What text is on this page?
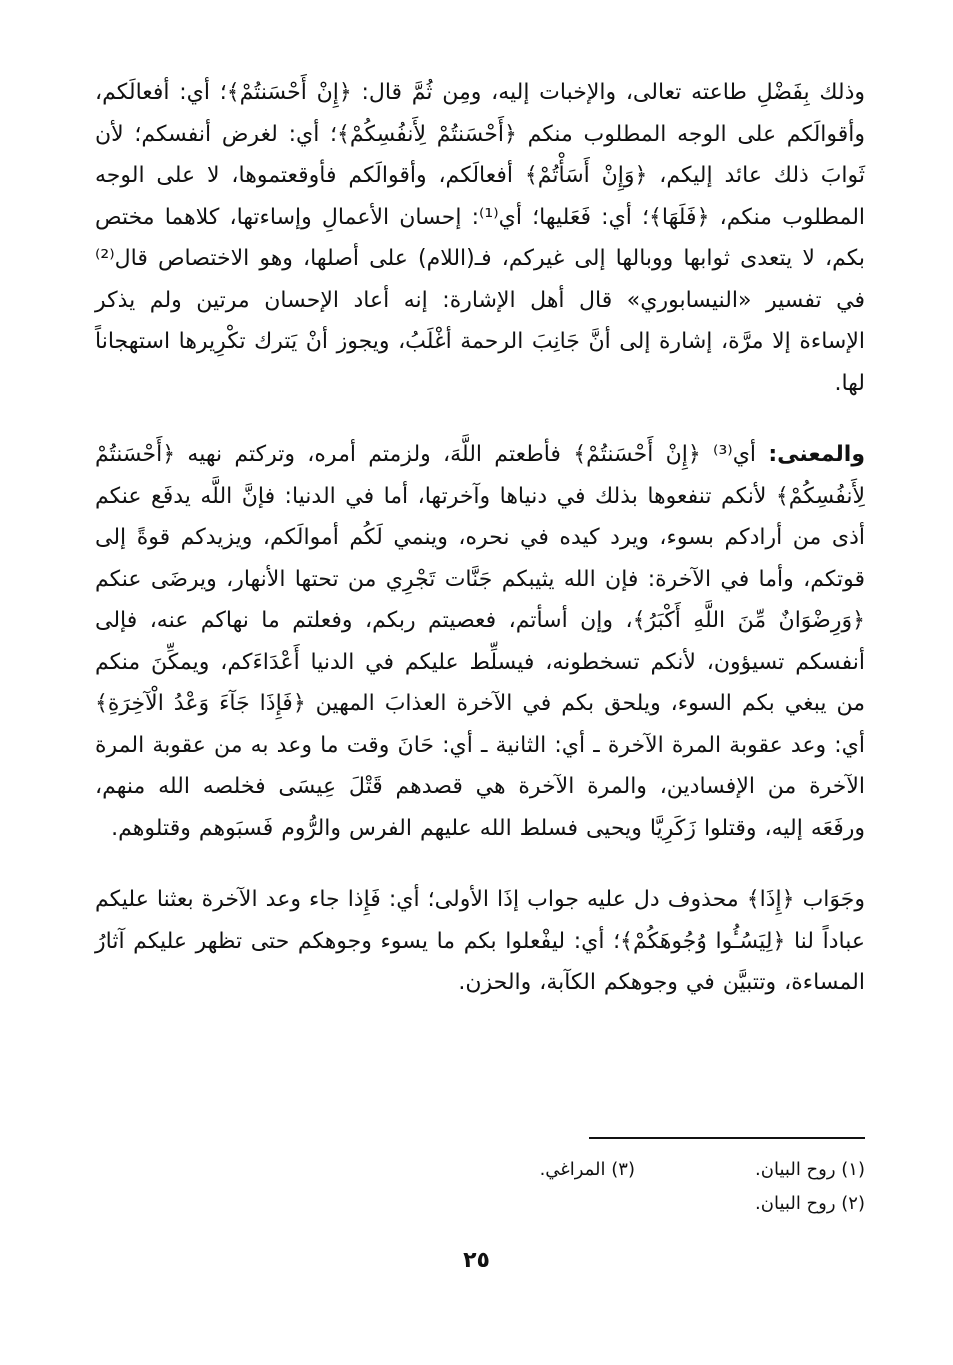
وذلك بِفَضْلِ طاعته تعالى، والإخبات إليه، ومِن ثُمَّ قال: ﴿إِنْ أَحْسَنتُمْ﴾؛ أي: أفعالَكم، وأقوالَكم على الوجه المطلوب منكم ﴿أَحْسَنتُمْ لِأَنفُسِكُمْ﴾؛ أي: لغرض أنفسكم؛ لأن ثَوابَ ذلك عائد إليكم، ﴿وَإِنْ أَسَأْتُمْ﴾ أفعالَكم، وأقوالَكم فأوقعتموها، لا على الوجه المطلوب منكم، ﴿فَلَهَا﴾؛ أي: فَعَليها؛ أي⁽¹⁾: إحسان الأعمالِ وإساءتها، كلاهما مختص بكم، لا يتعدى ثوابها ووبالها إلى غيركم، فـ(اللام) على أصلها، وهو الاختصاص قال⁽²⁾ في تفسير «النيسابوري» قال أهل الإشارة: إنه أعاد الإحسان مرتين ولم يذكر الإساءة إلا مرَّة، إشارة إلى أنَّ جَانِبَ الرحمة أغْلَبُ، ويجوز أنْ يَترك تكْرِيرها استهجاناً لها.

والمعنى: أي⁽³⁾ ﴿إِنْ أَحْسَنتُمْ﴾ فأطعتم اللَّهَ، ولزمتم أمره، وتركتم نهيه ﴿أَحْسَنتُمْ لِأَنفُسِكُمْ﴾ لأنكم تنفعوها بذلك في دنياها وآخرتها، أما في الدنيا: فإنَّ اللَّه يدفَع عنكم أذى من أرادكم بسوء، ويرد كيده في نحره، وينمي لَكُم أموالَكم، ويزيدكم قوةً إلى قوتكم، وأما في الآخرة: فإن الله يثيبكم جَنَّات تَجْرِي من تحتها الأنهار، ويرضَى عنكم ﴿وَرِضْوَانٌ مِّنَ اللَّهِ أَكْبَرُ﴾، وإن أسأتم، فعصيتم ربكم، وفعلتم ما نهاكم عنه، فإلى أنفسكم تسيؤون، لأنكم تسخطونه، فيسلِّط عليكم في الدنيا أَعْدَاءَكم، ويمكِّنَ منكم من يبغي بكم السوء، ويلحق بكم في الآخرة العذابَ المهين ﴿فَإِذَا جَآءَ وَعْدُ الْآخِرَةِ﴾ أي: وعد عقوبة المرة الآخرة ـ أي: الثانية ـ أي: حَانَ وقت ما وعد به من عقوبة المرة الآخرة من الإفسادين، والمرة الآخرة هي قصدهم قَتْلَ عِيسَى فخلصه الله منهم، ورفَعَه إليه، وقتلوا زَكَرِيَّا ويحيى فسلط الله عليهم الفرس والرُّوم فَسبَوهم وقتلوهم.

وجَوَاب ﴿إِذَا﴾ محذوف دل عليه جواب إذَا الأولى؛ أي: فَإِذا جاء وعد الآخرة بعثنا عليكم عباداً لنا ﴿لِيَسُـُٔوا وُجُوهَكُمْ﴾؛ أي: ليفْعلوا بكم ما يسوء وجوهكم حتى تظهر عليكم آثارُ المساءة، وتتبيَّن في وجوهكم الكآبة، والحزن.

(١) روح البيان.
(٣) المراغي.
(٢) روح البيان.
٢٥
